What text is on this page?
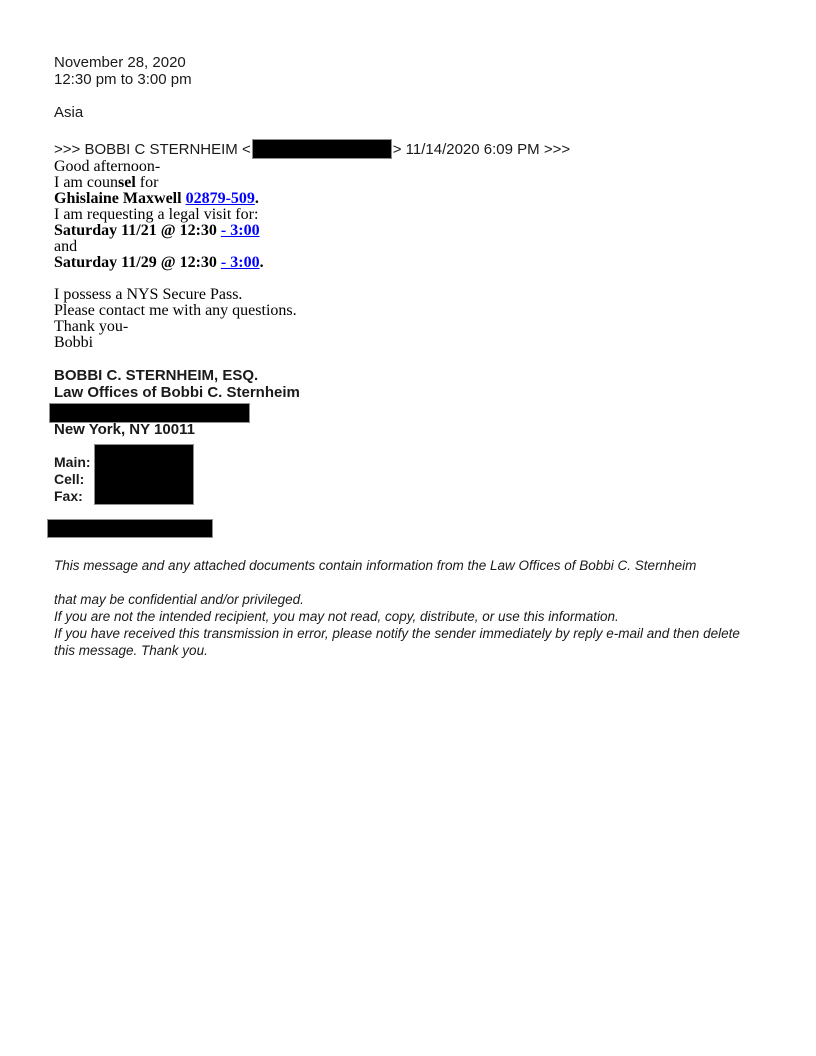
November 28, 2020
12:30 pm to 3:00 pm
Asia
>>> BOBBI C STERNHEIM <	> 11/14/2020 6:09 PM >>>
Good afternoon-
I am counsel for
Ghislaine Maxwell 02879-509.
I am requesting a legal visit for:
Saturday 11/21 @ 12:30 - 3:00
and
Saturday 11/29 @ 12:30 - 3:00.
I possess a NYS Secure Pass.
Please contact me with any questions.
Thank you-
Bobbi
BOBBI C. STERNHEIM, ESQ.
Law Offices of Bobbi C. Sternheim
New York, NY 10011
Main:
Cell:
Fax:

This message and any attached documents contain information from the Law Offices of Bobbi C. Sternheim

that may be confidential and/or privileged.

If you are not the intended recipient, you may not read, copy, distribute, or use this information.

If you have received this transmission in error, please notify the sender immediately by reply e-mail and then delete this message. Thank you.
